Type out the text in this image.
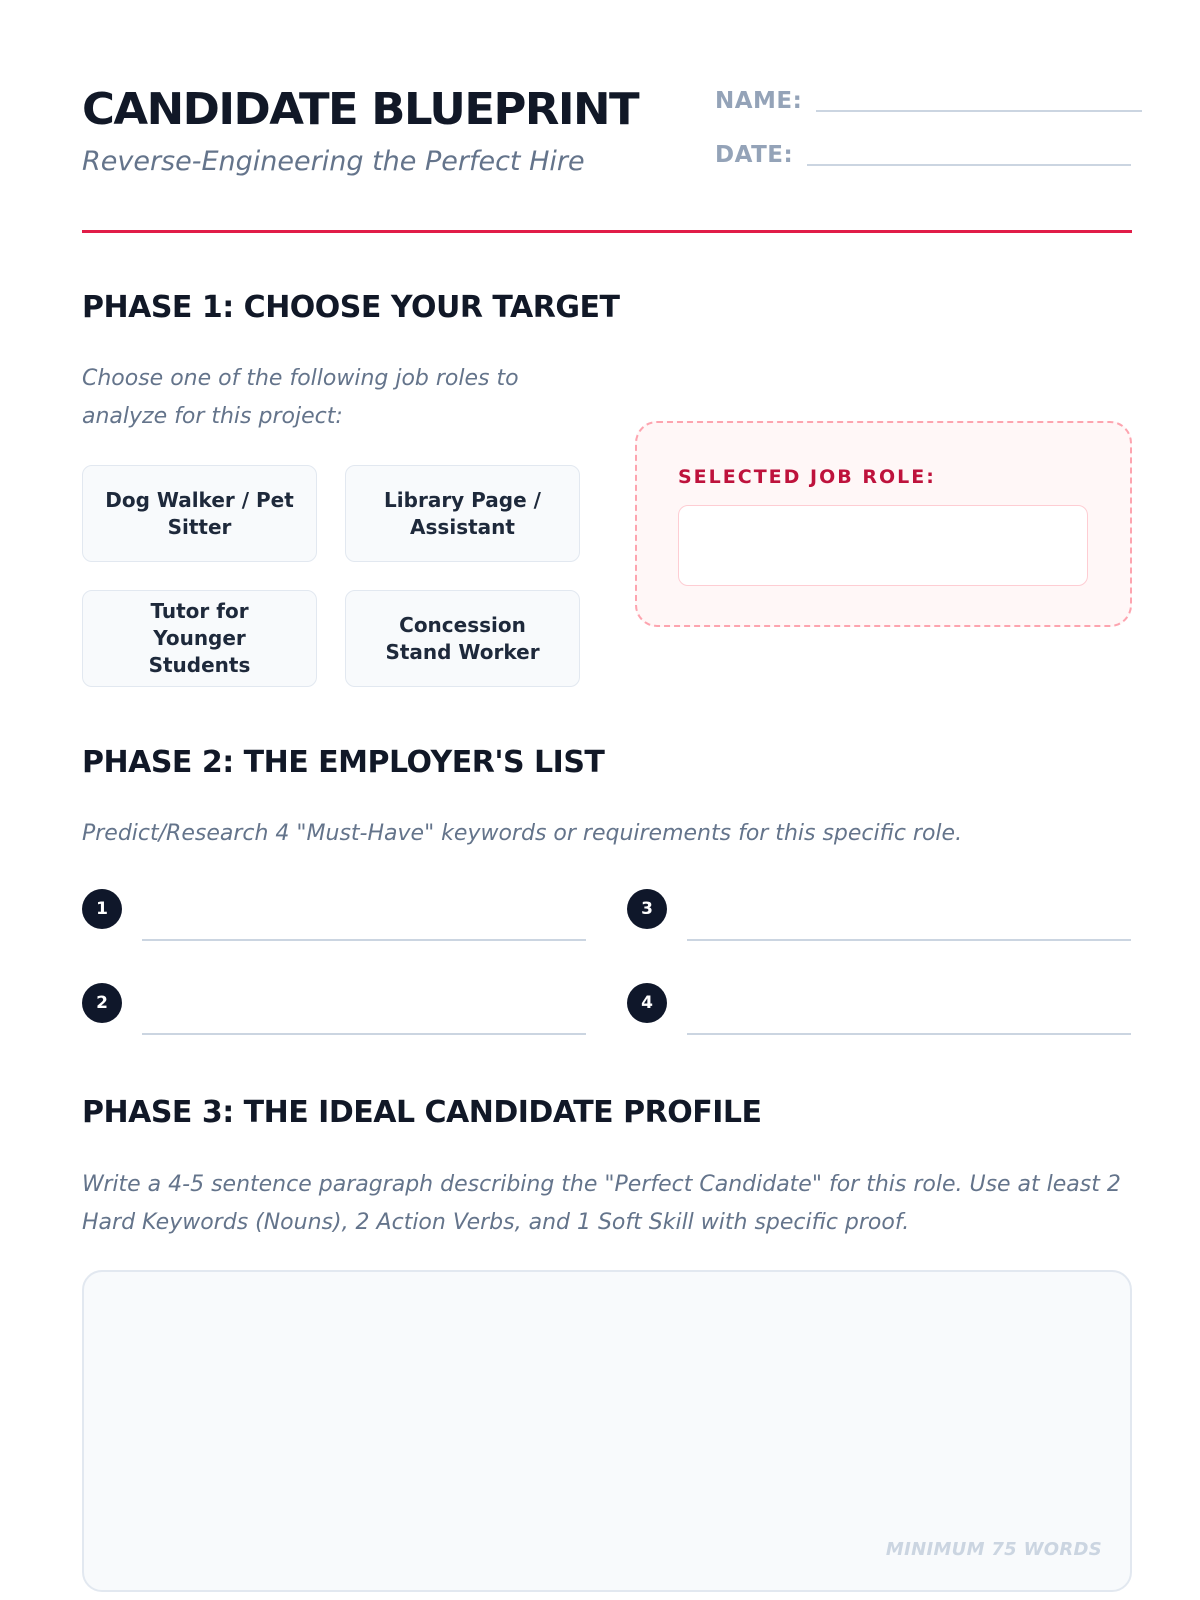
CANDIDATE BLUEPRINT
Reverse-Engineering the Perfect Hire
NAME:
DATE:
PHASE 1: CHOOSE YOUR TARGET
Choose one of the following job roles to analyze for this project:
Dog Walker / Pet Sitter
Library Page / Assistant
Tutor for Younger Students
Concession Stand Worker
SELECTED JOB ROLE:
PHASE 2: THE EMPLOYER'S LIST
Predict/Research 4 "Must-Have" keywords or requirements for this specific role.
1
2
3
4
PHASE 3: THE IDEAL CANDIDATE PROFILE
Write a 4-5 sentence paragraph describing the "Perfect Candidate" for this role. Use at least 2 Hard Keywords (Nouns), 2 Action Verbs, and 1 Soft Skill with specific proof.
MINIMUM 75 WORDS
